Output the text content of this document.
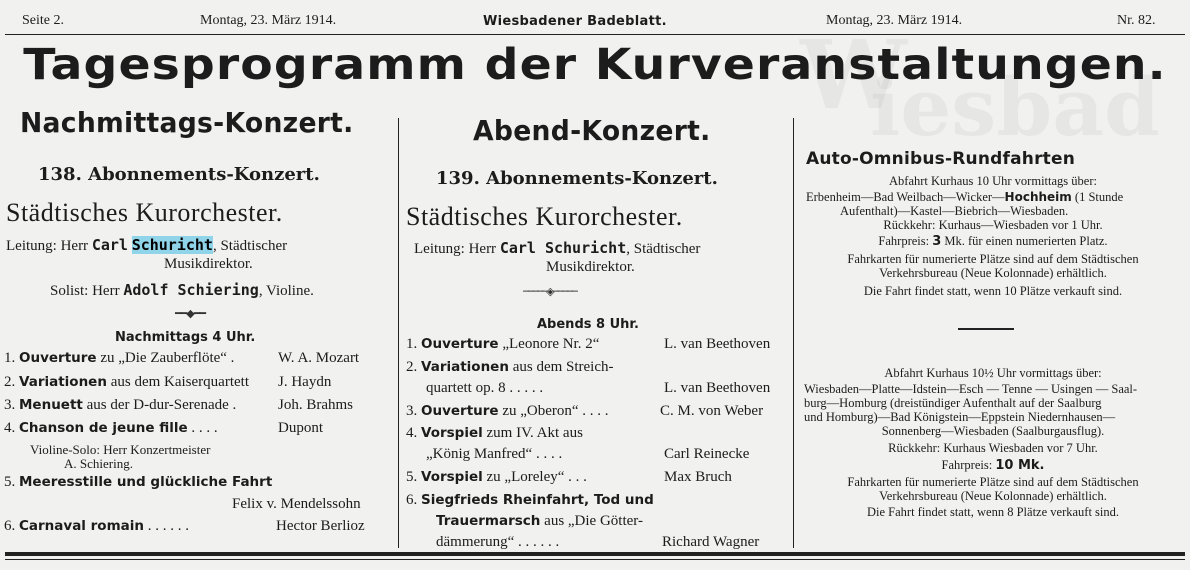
Seite 2.	Montag, 23. März 1914.	Wiesbadener Badeblatt.	Montag, 23. März 1914.	Nr. 82.
Tagesprogramm der Kurveranstaltungen.
Nachmittags-Konzert.
138. Abonnements-Konzert.
Städtisches Kurorchester.
Leitung: Herr Carl Schuricht, Städtischer
Musikdirektor.
Solist: Herr Adolf Schiering, Violine.
━━◆━━
Nachmittags 4 Uhr.
1. Ouverture zu „Die Zauberflöte“ .	W. A. Mozart
2. Variationen aus dem Kaiserquartett J. Haydn
3. Menuett aus der D-dur-Serenade .	Joh. Brahms
4. Chanson de jeune fille . . . .	Dupont
Violine-Solo: Herr Konzertmeister
A. Schiering.
5. Meeresstille und glückliche Fahrt
Felix v. Mendelssohn
6. Carnaval romain . . . . . .	Hector Berlioz
Abend-Konzert.
139. Abonnements-Konzert.
Städtisches Kurorchester.
Leitung: Herr Carl Schuricht, Städtischer
Musikdirektor.
─────◈─────
Abends 8 Uhr.
1. Ouverture „Leonore Nr. 2“	L. van Beethoven
2. Variationen aus dem Streich-
quartett op. 8 . . . . .	L. van Beethoven
3. Ouverture zu „Oberon“ . . . .	C. M. von Weber
4. Vorspiel zum IV. Akt aus
„König Manfred“ . . . .	Carl Reinecke
5. Vorspiel zu „Loreley“ . . .	Max Bruch
6. Siegfrieds Rheinfahrt, Tod und
Trauermarsch aus „Die Götter-
dämmerung“ . . . . . .	Richard Wagner
Auto-Omnibus-Rundfahrten
Abfahrt Kurhaus 10 Uhr vormittags über:
Erbenheim—Bad Weilbach—Wicker—Hochheim (1 Stunde
Aufenthalt)—Kastel—Biebrich—Wiesbaden.
Rückkehr: Kurhaus—Wiesbaden vor 1 Uhr.
Fahrpreis: 3 Mk. für einen numerierten Platz.
Fahrkarten für numerierte Plätze sind auf dem Städtischen
Verkehrsbureau (Neue Kolonnade) erhältlich.
Die Fahrt findet statt, wenn 10 Plätze verkauft sind.
Abfahrt Kurhaus 10½ Uhr vormittags über:
Wiesbaden—Platte—Idstein—Esch — Tenne — Usingen — Saal-
burg—Homburg (dreistündiger Aufenthalt auf der Saalburg
und Homburg)—Bad Königstein—Eppstein Niedernhausen—
Sonnenberg—Wiesbaden (Saalburgausflug).
Rückkehr: Kurhaus Wiesbaden vor 7 Uhr.
Fahrpreis: 10 Mk.
Fahrkarten für numerierte Plätze sind auf dem Städtischen
Verkehrsbureau (Neue Kolonnade) erhältlich.
Die Fahrt findet statt, wenn 8 Plätze verkauft sind.
